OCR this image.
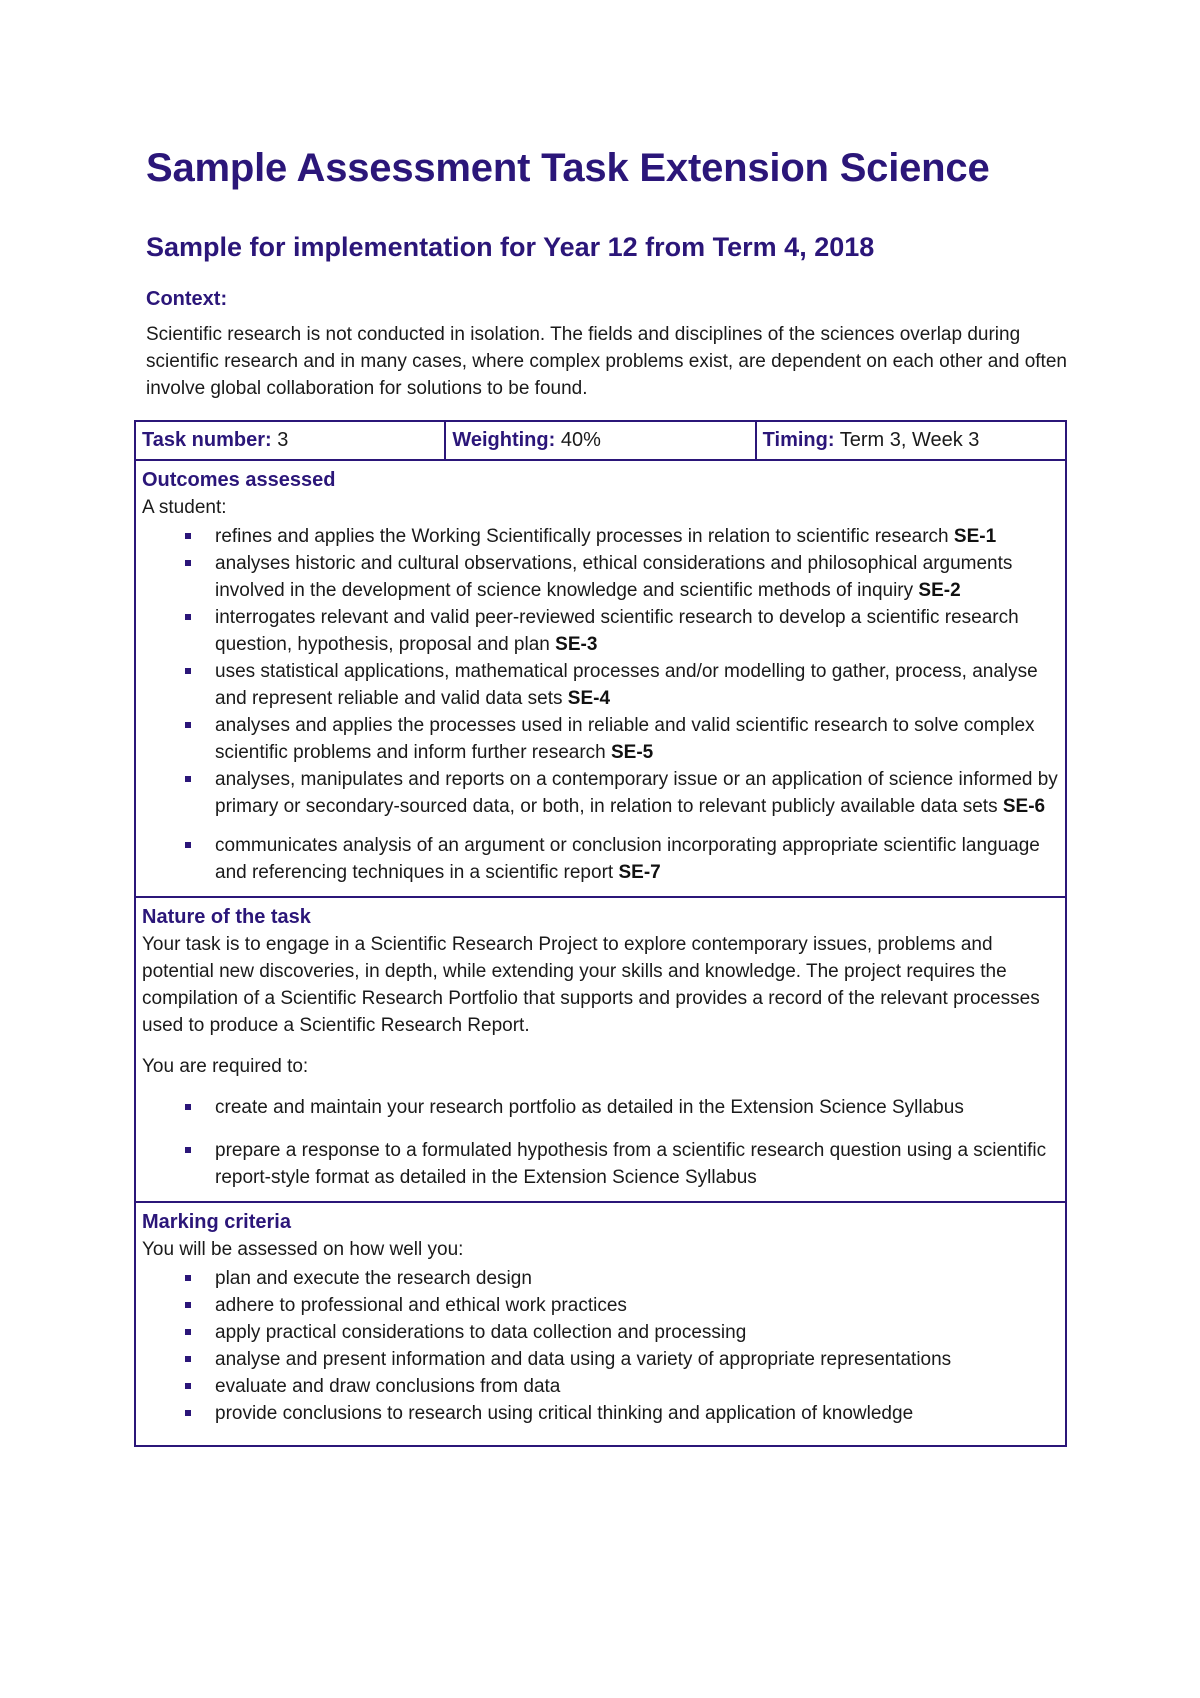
Sample Assessment Task Extension Science
Sample for implementation for Year 12 from Term 4, 2018

Context:

Scientific research is not conducted in isolation. The fields and disciplines of the sciences overlap during scientific research and in many cases, where complex problems exist, are dependent on each other and often involve global collaboration for solutions to be found.

Task number: 3	Weighting: 40%	Timing: Term 3, Week 3

Outcomes assessed

A student:

refines and applies the Working Scientifically processes in relation to scientific research SE-1
analyses historic and cultural observations, ethical considerations and philosophical arguments involved in the development of science knowledge and scientific methods of inquiry SE-2
interrogates relevant and valid peer-reviewed scientific research to develop a scientific research question, hypothesis, proposal and plan SE-3
uses statistical applications, mathematical processes and/or modelling to gather, process, analyse and represent reliable and valid data sets SE-4
analyses and applies the processes used in reliable and valid scientific research to solve complex scientific problems and inform further research SE-5
analyses, manipulates and reports on a contemporary issue or an application of science informed by primary or secondary-sourced data, or both, in relation to relevant publicly available data sets SE-6
communicates analysis of an argument or conclusion incorporating appropriate scientific language and referencing techniques in a scientific report SE-7

Nature of the task

Your task is to engage in a Scientific Research Project to explore contemporary issues, problems and potential new discoveries, in depth, while extending your skills and knowledge. The project requires the compilation of a Scientific Research Portfolio that supports and provides a record of the relevant processes used to produce a Scientific Research Report.

You are required to:

create and maintain your research portfolio as detailed in the Extension Science Syllabus
prepare a response to a formulated hypothesis from a scientific research question using a scientific report-style format as detailed in the Extension Science Syllabus

Marking criteria

You will be assessed on how well you:

plan and execute the research design
adhere to professional and ethical work practices
apply practical considerations to data collection and processing
analyse and present information and data using a variety of appropriate representations
evaluate and draw conclusions from data
provide conclusions to research using critical thinking and application of knowledge
